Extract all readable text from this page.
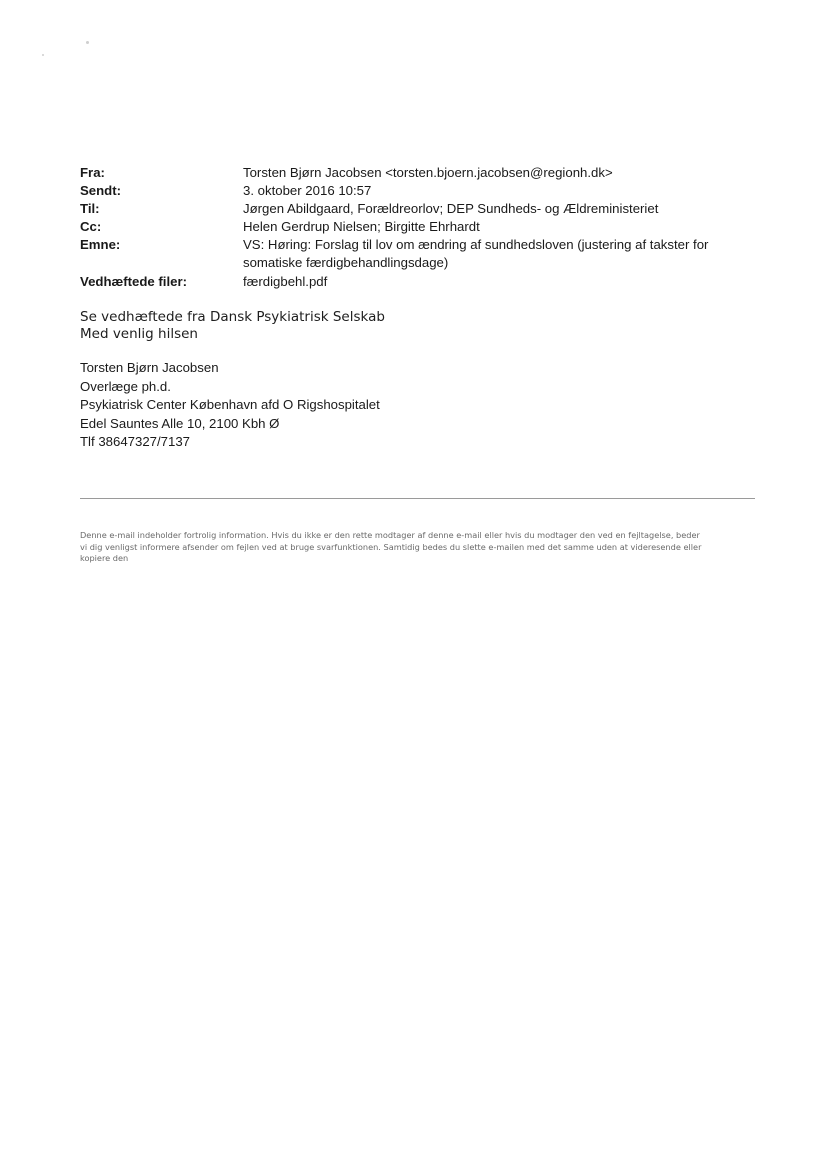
Fra:	Torsten Bjørn Jacobsen <torsten.bjoern.jacobsen@regionh.dk>
Sendt:	3. oktober 2016 10:57
Til:	Jørgen Abildgaard, Forældreorlov; DEP Sundheds- og Ældreministeriet
Cc:	Helen Gerdrup Nielsen; Birgitte Ehrhardt
Emne:	VS: Høring: Forslag til lov om ændring af sundhedsloven (justering af takster for
somatiske færdigbehandlingsdage)
Vedhæftede filer:	færdigbehl.pdf
Se vedhæftede fra Dansk Psykiatrisk Selskab
Med venlig hilsen
Torsten Bjørn Jacobsen
Overlæge ph.d.
Psykiatrisk Center København afd O Rigshospitalet
Edel Sauntes Alle 10, 2100 Kbh Ø
Tlf 38647327/7137
Denne e-mail indeholder fortrolig information. Hvis du ikke er den rette modtager af denne e-mail eller hvis du modtager den ved en fejltagelse, beder
vi dig venligst informere afsender om fejlen ved at bruge svarfunktionen. Samtidig bedes du slette e-mailen med det samme uden at videresende eller
kopiere den
